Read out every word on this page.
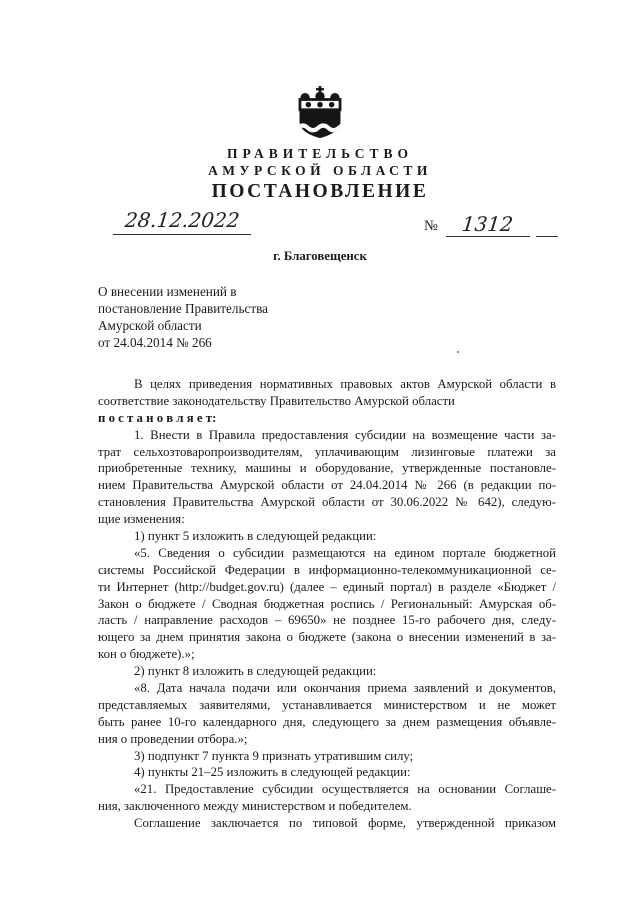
ПРАВИТЕЛЬСТВО
АМУРСКОЙ ОБЛАСТИ
ПОСТАНОВЛЕНИЕ
28.12.2022	№ 1312
г. Благовещенск
О внесении изменений в
постановление Правительства
Амурской области
от 24.04.2014 № 266
В целях приведения нормативных правовых актов Амурской области в
соответствие законодательству Правительство Амурской области
п о с т а н о в л я е т:
1. Внести в Правила предоставления субсидии на возмещение части за-
трат сельхозтоваропроизводителям, уплачивающим лизинговые платежи за
приобретенные технику, машины и оборудование, утвержденные постановле-
нием Правительства Амурской области от 24.04.2014 № 266 (в редакции по-
становления Правительства Амурской области от 30.06.2022 № 642), следую-
щие изменения:
1) пункт 5 изложить в следующей редакции:
«5. Сведения о субсидии размещаются на едином портале бюджетной
системы Российской Федерации в информационно-телекоммуникационной се-
ти Интернет (http://budget.gov.ru) (далее – единый портал) в разделе «Бюджет /
Закон о бюджете / Сводная бюджетная роспись / Региональный: Амурская об-
ласть / направление расходов – 69650» не позднее 15-го рабочего дня, следу-
ющего за днем принятия закона о бюджете (закона о внесении изменений в за-
кон о бюджете).»;
2) пункт 8 изложить в следующей редакции:
«8. Дата начала подачи или окончания приема заявлений и документов,
представляемых заявителями, устанавливается министерством и не может
быть ранее 10-го календарного дня, следующего за днем размещения объявле-
ния о проведении отбора.»;
3) подпункт 7 пункта 9 признать утратившим силу;
4) пункты 21–25 изложить в следующей редакции:
«21. Предоставление субсидии осуществляется на основании Соглаше-
ния, заключенного между министерством и победителем.
Соглашение заключается по типовой форме, утвержденной приказом
